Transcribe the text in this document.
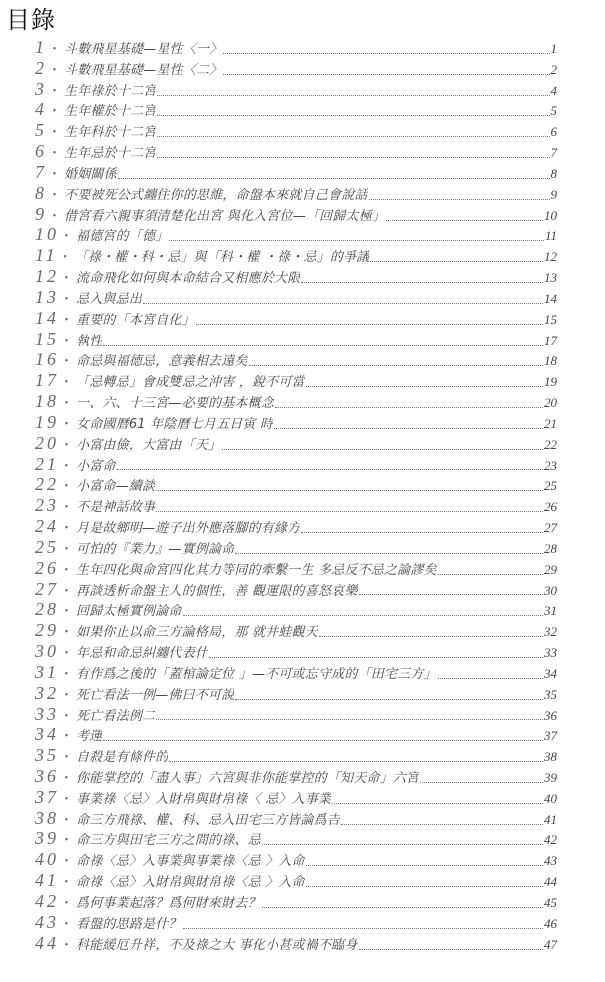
目錄
1 ・ 斗數飛星基礎—星性〈一〉	1
2 ・ 斗數飛星基礎—星性〈二〉	2
3 ・ 生年祿於十二宮	4
4 ・ 生年權於十二宮	5
5 ・ 生年科於十二宮	6
6 ・ 生年忌於十二宮	7
7 ・ 婚姻關係	8
8 ・ 不要被死公式纏住你的思維，命盤本來就自己會說話	9
9 ・ 借宮看六親事須清楚化出宮 與化入宮位—「回歸太極」	10
10 ・ 福德宮的「德」	11
11 ・ 「祿・權・科・忌」與「科・權 ・祿・忌」的爭議	12
12 ・ 流命飛化如何與本命結合又相應於大限	13
13 ・ 忌入與忌出	14
14 ・ 重要的「本宮自化」	15
15 ・ 執性	17
16 ・ 命忌與福德忌，意義相去遠矣	18
17 ・ 「忌轉忌」會成雙忌之沖害 ，銳不可當	19
18 ・ 一、六、十三宮—必要的基本概念	20
19 ・ 女命國曆61 年陰曆七月五日寅 時	21
20 ・ 小富由儉，大富由「天」	22
21 ・ 小富命	23
22 ・ 小富命—續談	25
23 ・ 不是神話故事	26
24 ・ 月是故鄉明—遊子出外應落腳的有緣方	27
25 ・ 可怕的『業力』—實例論命	28
26 ・ 生年四化與命宮四化其力等同的牽繫一生 多忌反不忌之論謬矣	29
27 ・ 再談透析命盤主人的個性，善 觀運限的喜怒哀樂	30
28 ・ 回歸太極實例論命	31
29 ・ 如果你止以命三方論格局，那 就井蛙觀天	32
30 ・ 年忌和命忌糾纏代表什	33
31 ・ 有作爲之後的「蓋棺論定位 」—不可或忘守成的「田宅三方」	34
32 ・ 死亡看法一例—佛曰不可說	35
33 ・ 死亡看法例二	36
34 ・ 考運	37
35 ・ 自殺是有條件的	38
36 ・ 你能掌控的「盡人事」六宮與非你能掌控的「知天命」六宮	39
37 ・ 事業祿〈忌〉入財帛與財帛祿〈 忌〉入事業	40
38 ・ 命三方飛祿、權、科、忌入田宅三方皆論爲吉	41
39 ・ 命三方與田宅三方之間的祿、忌	42
40 ・ 命祿〈忌〉入事業與事業祿〈忌 〉入命	43
41 ・ 命祿〈忌〉入財帛與財帛祿〈忌 〉入命	44
42 ・ 爲何事業起落？爲何財來財去？	45
43 ・ 看盤的思路是什？	46
44 ・ 科能緩厄升祥，不及祿之大 事化小甚或禍不臨身	47
